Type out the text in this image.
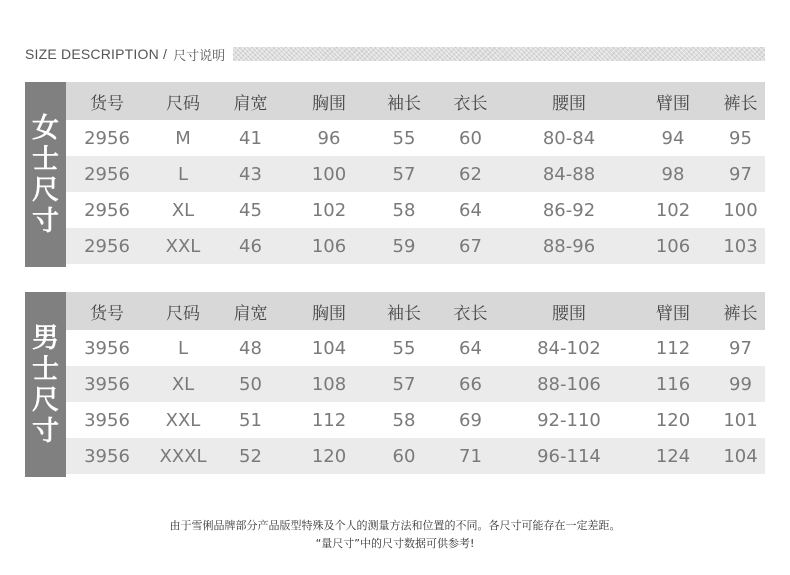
SIZE DESCRIPTION / 尺寸说明
女
士
尺
寸
货号	尺码	肩宽	胸围	袖长	衣长	腰围	臂围	裤长
2956	M	41	96	55	60	80-84	94	95
2956	L	43	100	57	62	84-88	98	97
2956	XL	45	102	58	64	86-92	102	100
2956	XXL	46	106	59	67	88-96	106	103
男
士
尺
寸
货号	尺码	肩宽	胸围	袖长	衣长	腰围	臂围	裤长
3956	L	48	104	55	64	84-102	112	97
3956	XL	50	108	57	66	88-106	116	99
3956	XXL	51	112	58	69	92-110	120	101
3956	XXXL	52	120	60	71	96-114	124	104
由于雪俐品牌部分产品版型特殊及个人的测量方法和位置的不同。各尺寸可能存在一定差距。
“量尺寸”中的尺寸数据可供参考!
